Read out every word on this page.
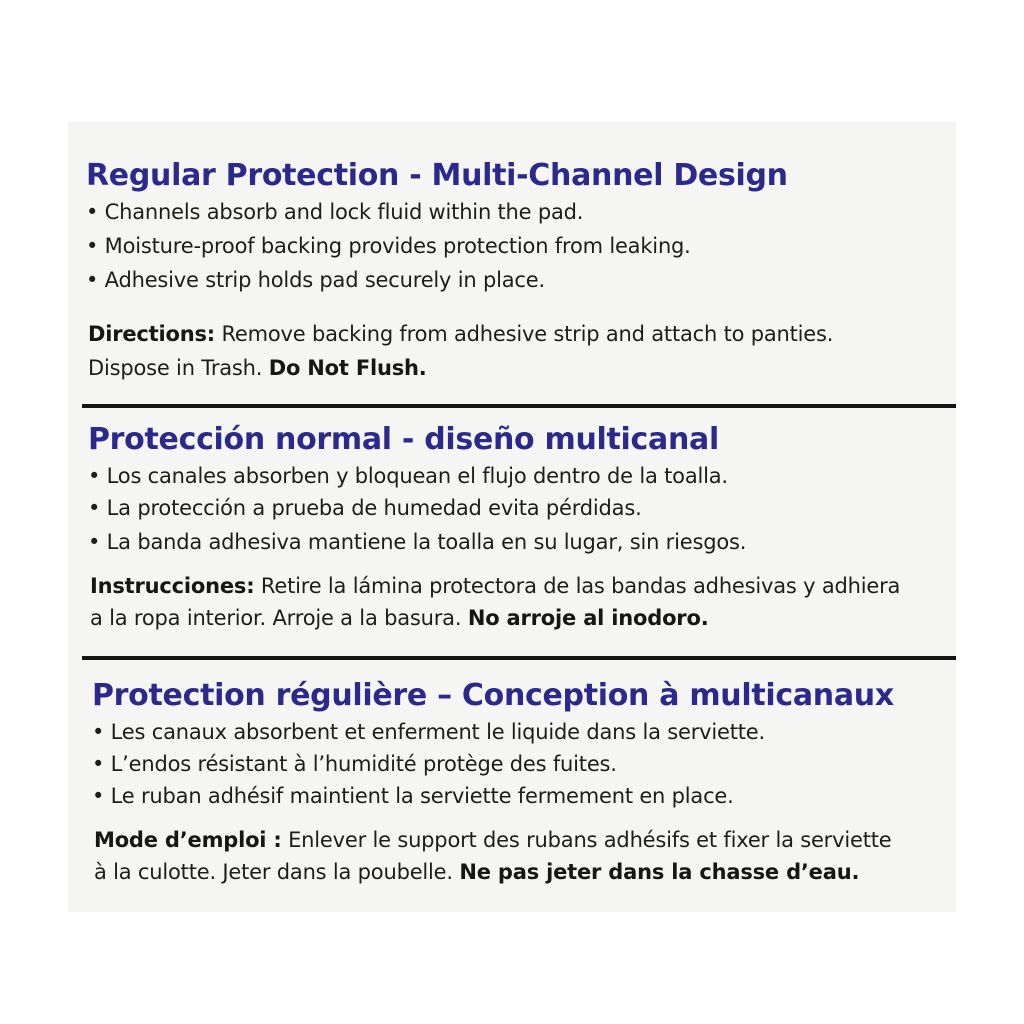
Regular Protection - Multi-Channel Design
• Channels absorb and lock fluid within the pad.
• Moisture-proof backing provides protection from leaking.
• Adhesive strip holds pad securely in place.
Directions: Remove backing from adhesive strip and attach to panties.
Dispose in Trash. Do Not Flush.
Protección normal - diseño multicanal
• Los canales absorben y bloquean el flujo dentro de la toalla.
• La protección a prueba de humedad evita pérdidas.
• La banda adhesiva mantiene la toalla en su lugar, sin riesgos.
Instrucciones: Retire la lámina protectora de las bandas adhesivas y adhiera
a la ropa interior. Arroje a la basura. No arroje al inodoro.
Protection régulière – Conception à multicanaux
• Les canaux absorbent et enferment le liquide dans la serviette.
• L’endos résistant à l’humidité protège des fuites.
• Le ruban adhésif maintient la serviette fermement en place.
Mode d’emploi : Enlever le support des rubans adhésifs et fixer la serviette
à la culotte. Jeter dans la poubelle. Ne pas jeter dans la chasse d’eau.
